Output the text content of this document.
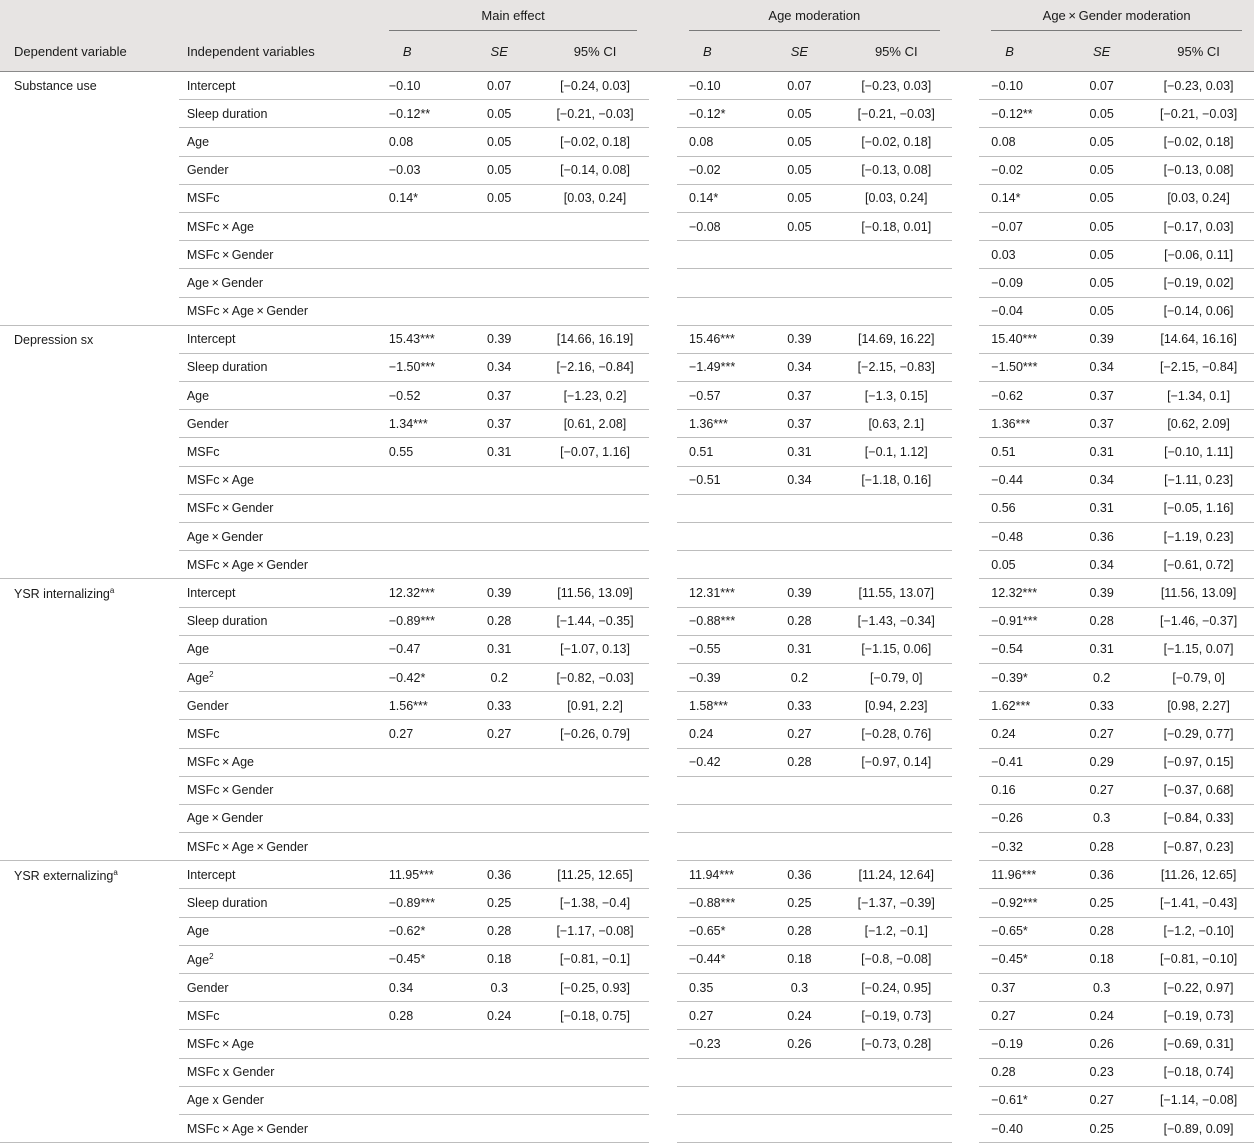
		Main effect				Age moderation				Age × Gender moderation		

Dependent variable	Independent variables	B	SE	95% CI		B	SE	95% CI		B	SE	95% CI
Substance use	Intercept	−0.10	0.07	[−0.24, 0.03]		−0.10	0.07	[−0.23, 0.03]		−0.10	0.07	[−0.23, 0.03]
	Sleep duration	−0.12**	0.05	[−0.21, −0.03]		−0.12*	0.05	[−0.21, −0.03]		−0.12**	0.05	[−0.21, −0.03]
	Age	0.08	0.05	[−0.02, 0.18]		0.08	0.05	[−0.02, 0.18]		0.08	0.05	[−0.02, 0.18]
	Gender	−0.03	0.05	[−0.14, 0.08]		−0.02	0.05	[−0.13, 0.08]		−0.02	0.05	[−0.13, 0.08]
	MSFc	0.14*	0.05	[0.03, 0.24]		0.14*	0.05	[0.03, 0.24]		0.14*	0.05	[0.03, 0.24]
	MSFc × Age					−0.08	0.05	[−0.18, 0.01]		−0.07	0.05	[−0.17, 0.03]
	MSFc × Gender									0.03	0.05	[−0.06, 0.11]
	Age × Gender									−0.09	0.05	[−0.19, 0.02]
	MSFc × Age × Gender									−0.04	0.05	[−0.14, 0.06]
Depression sx	Intercept	15.43***	0.39	[14.66, 16.19]		15.46***	0.39	[14.69, 16.22]		15.40***	0.39	[14.64, 16.16]
	Sleep duration	−1.50***	0.34	[−2.16, −0.84]		−1.49***	0.34	[−2.15, −0.83]		−1.50***	0.34	[−2.15, −0.84]
	Age	−0.52	0.37	[−1.23, 0.2]		−0.57	0.37	[−1.3, 0.15]		−0.62	0.37	[−1.34, 0.1]
	Gender	1.34***	0.37	[0.61, 2.08]		1.36***	0.37	[0.63, 2.1]		1.36***	0.37	[0.62, 2.09]
	MSFc	0.55	0.31	[−0.07, 1.16]		0.51	0.31	[−0.1, 1.12]		0.51	0.31	[−0.10, 1.11]
	MSFc × Age					−0.51	0.34	[−1.18, 0.16]		−0.44	0.34	[−1.11, 0.23]
	MSFc × Gender									0.56	0.31	[−0.05, 1.16]
	Age × Gender									−0.48	0.36	[−1.19, 0.23]
	MSFc × Age × Gender									0.05	0.34	[−0.61, 0.72]
YSR internalizing$^a$	Intercept	12.32***	0.39	[11.56, 13.09]		12.31***	0.39	[11.55, 13.07]		12.32***	0.39	[11.56, 13.09]
	Sleep duration	−0.89***	0.28	[−1.44, −0.35]		−0.88***	0.28	[−1.43, −0.34]		−0.91***	0.28	[−1.46, −0.37]
	Age	−0.47	0.31	[−1.07, 0.13]		−0.55	0.31	[−1.15, 0.06]		−0.54	0.31	[−1.15, 0.07]
	Age$^2$	−0.42*	0.2	[−0.82, −0.03]		−0.39	0.2	[−0.79, 0]		−0.39*	0.2	[−0.79, 0]
	Gender	1.56***	0.33	[0.91, 2.2]		1.58***	0.33	[0.94, 2.23]		1.62***	0.33	[0.98, 2.27]
	MSFc	0.27	0.27	[−0.26, 0.79]		0.24	0.27	[−0.28, 0.76]		0.24	0.27	[−0.29, 0.77]
	MSFc × Age					−0.42	0.28	[−0.97, 0.14]		−0.41	0.29	[−0.97, 0.15]
	MSFc × Gender									0.16	0.27	[−0.37, 0.68]
	Age × Gender									−0.26	0.3	[−0.84, 0.33]
	MSFc × Age × Gender									−0.32	0.28	[−0.87, 0.23]
YSR externalizing$^a$	Intercept	11.95***	0.36	[11.25, 12.65]		11.94***	0.36	[11.24, 12.64]		11.96***	0.36	[11.26, 12.65]
	Sleep duration	−0.89***	0.25	[−1.38, −0.4]		−0.88***	0.25	[−1.37, −0.39]		−0.92***	0.25	[−1.41, −0.43]
	Age	−0.62*	0.28	[−1.17, −0.08]		−0.65*	0.28	[−1.2, −0.1]		−0.65*	0.28	[−1.2, −0.10]
	Age$^2$	−0.45*	0.18	[−0.81, −0.1]		−0.44*	0.18	[−0.8, −0.08]		−0.45*	0.18	[−0.81, −0.10]
	Gender	0.34	0.3	[−0.25, 0.93]		0.35	0.3	[−0.24, 0.95]		0.37	0.3	[−0.22, 0.97]
	MSFc	0.28	0.24	[−0.18, 0.75]		0.27	0.24	[−0.19, 0.73]		0.27	0.24	[−0.19, 0.73]
	MSFc × Age					−0.23	0.26	[−0.73, 0.28]		−0.19	0.26	[−0.69, 0.31]
	MSFc x Gender									0.28	0.23	[−0.18, 0.74]
	Age x Gender									−0.61*	0.27	[−1.14, −0.08]
	MSFc × Age × Gender									−0.40	0.25	[−0.89, 0.09]
